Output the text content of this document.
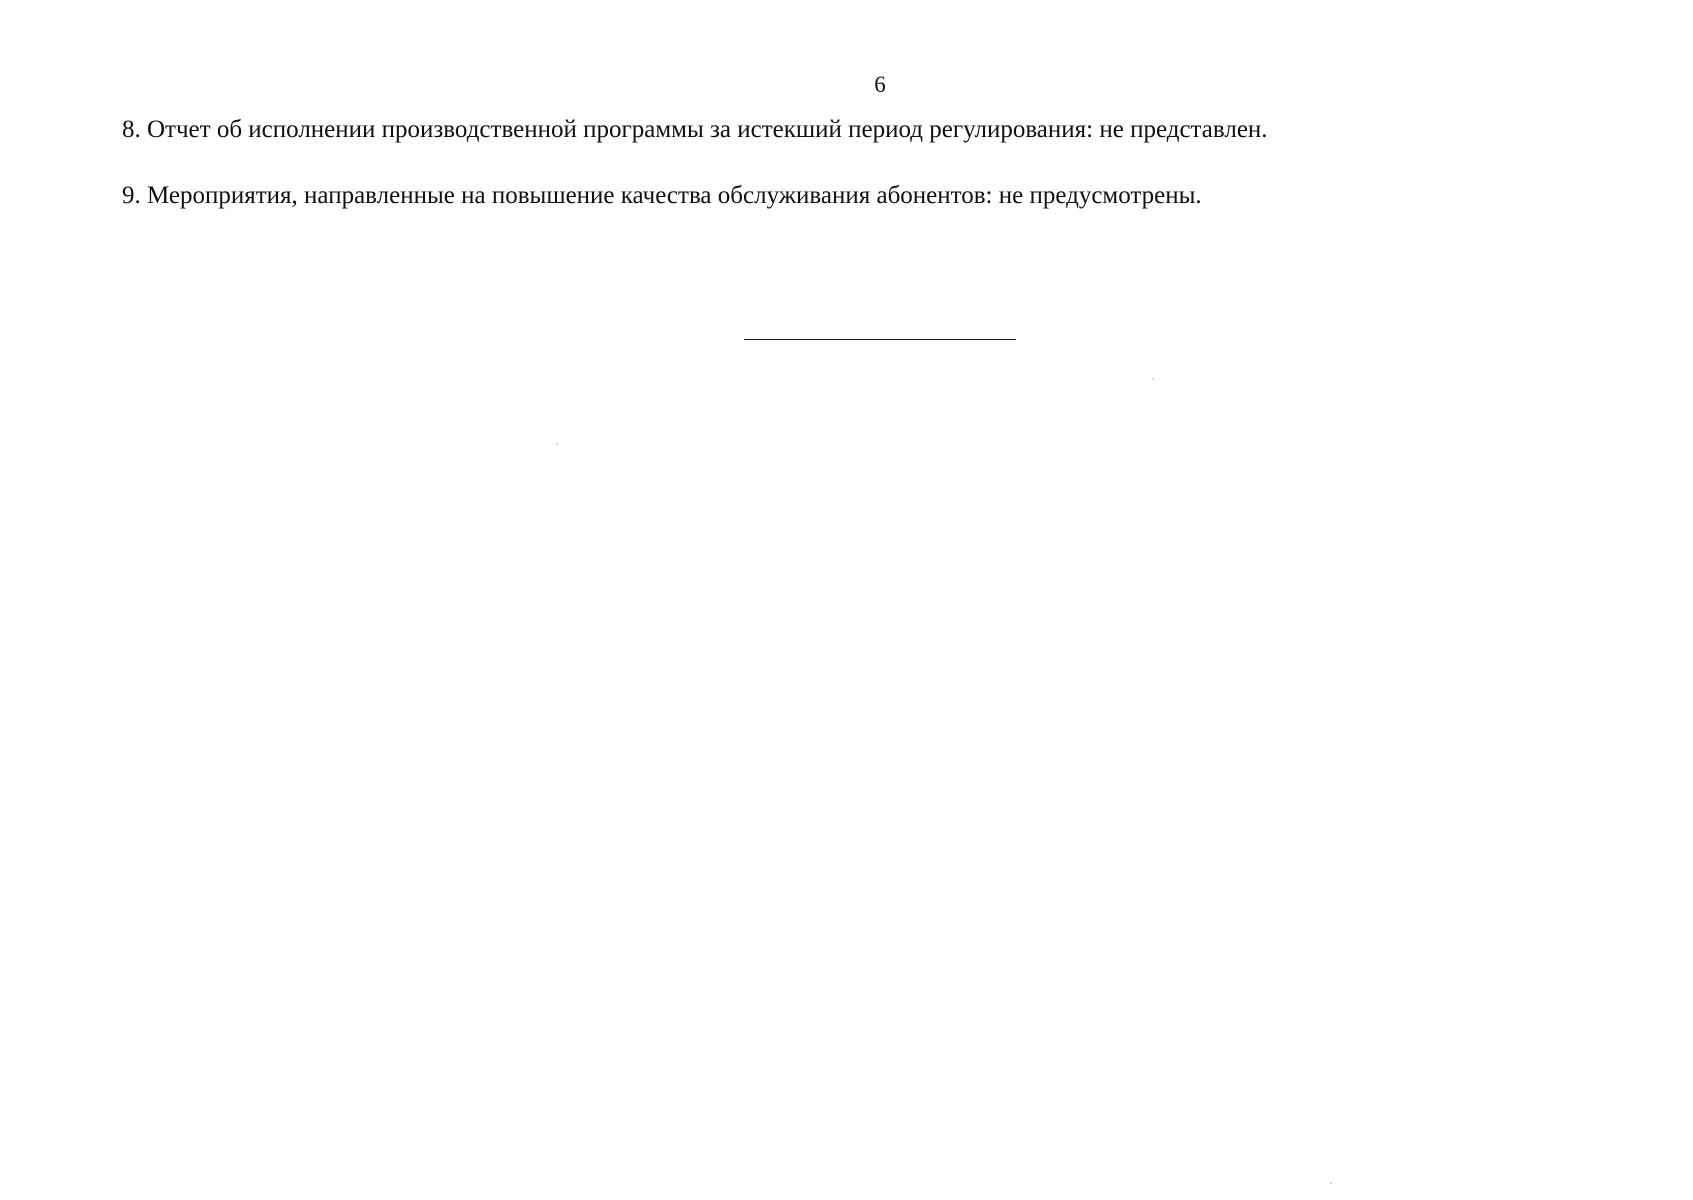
6
8. Отчет об исполнении производственной программы за истекший период регулирования: не представлен.
9. Мероприятия, направленные на повышение качества обслуживания абонентов: не предусмотрены.
